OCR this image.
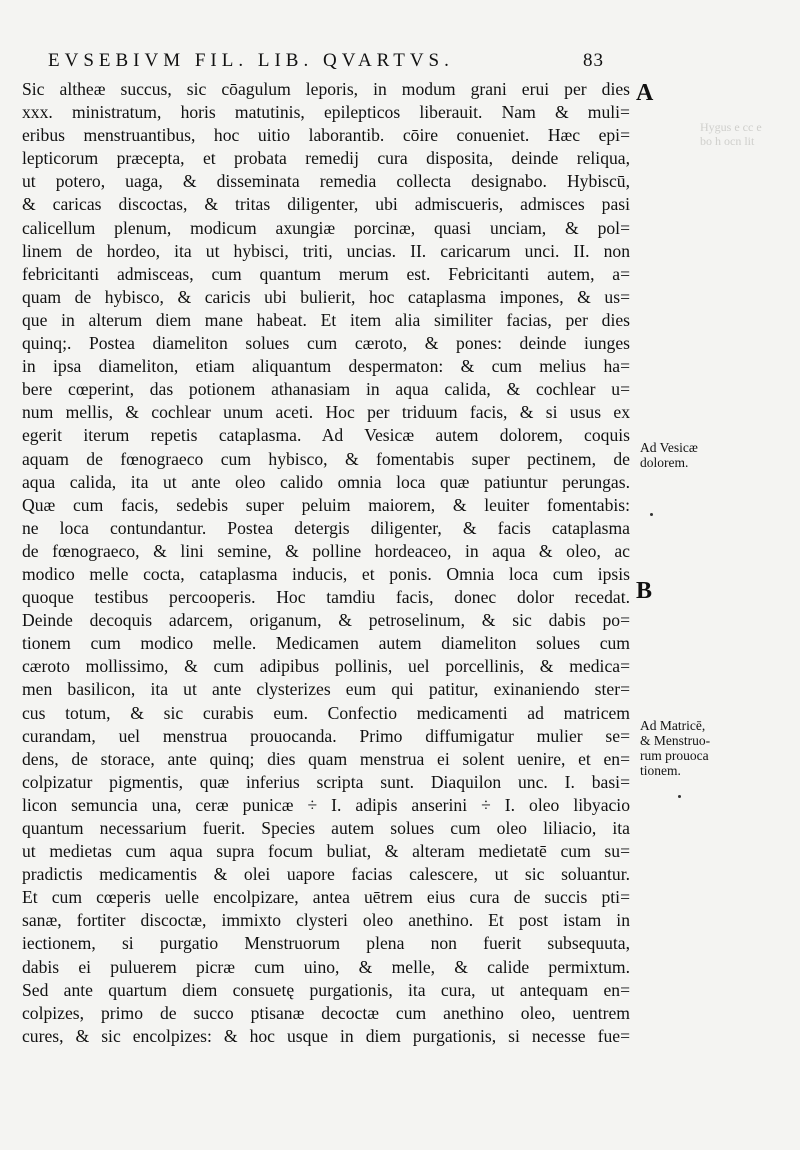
EVSEBIVM FIL. LIB. QVARTVS.	83
Sic altheæ succus, sic cōagulum leporis, in modum grani erui per dies
xxx. ministratum, horis matutinis, epilepticos liberauit. Nam & muli=
eribus menstruantibus, hoc uitio laborantib. cōire conueniet. Hæc epi=
lepticorum præcepta, et probata remedij cura disposita, deinde reliqua,
ut potero, uaga, & disseminata remedia collecta designabo. Hybiscū,
& caricas discoctas, & tritas diligenter, ubi admiscueris, admisces pasi
calicellum plenum, modicum axungiæ porcinæ, quasi unciam, & pol=
linem de hordeo, ita ut hybisci, triti, uncias. II. caricarum unci. II. non
febricitanti admisceas, cum quantum merum est. Febricitanti autem, a=
quam de hybisco, & caricis ubi bulierit, hoc cataplasma impones, & us=
que in alterum diem mane habeat. Et item alia similiter facias, per dies
quinq;. Postea diameliton solues cum cæroto, & pones: deinde iunges
in ipsa diameliton, etiam aliquantum despermaton: & cum melius ha=
bere cœperint, das potionem athanasiam in aqua calida, & cochlear u=
num mellis, & cochlear unum aceti. Hoc per triduum facis, & si usus ex
egerit iterum repetis cataplasma. Ad Vesicæ autem dolorem, coquis
aquam de fœnograeco cum hybisco, & fomentabis super pectinem, de
aqua calida, ita ut ante oleo calido omnia loca quæ patiuntur perungas.
Quæ cum facis, sedebis super peluim maiorem, & leuiter fomentabis:
ne loca contundantur. Postea detergis diligenter, & facis cataplasma
de fœnograeco, & lini semine, & polline hordeaceo, in aqua & oleo, ac
modico melle cocta, cataplasma inducis, et ponis. Omnia loca cum ipsis
quoque testibus percooperis. Hoc tamdiu facis, donec dolor recedat.
Deinde decoquis adarcem, origanum, & petroselinum, & sic dabis po=
tionem cum modico melle. Medicamen autem diameliton solues cum
cæroto mollissimo, & cum adipibus pollinis, uel porcellinis, & medica=
men basilicon, ita ut ante clysterizes eum qui patitur, exinaniendo ster=
cus totum, & sic curabis eum. Confectio medicamenti ad matricem
curandam, uel menstrua prouocanda. Primo diffumigatur mulier se=
dens, de storace, ante quinq; dies quam menstrua ei solent uenire, et en=
colpizatur pigmentis, quæ inferius scripta sunt. Diaquilon unc. I. basi=
licon semuncia una, ceræ punicæ ÷ I. adipis anserini ÷ I. oleo libyacio
quantum necessarium fuerit. Species autem solues cum oleo liliacio, ita
ut medietas cum aqua supra focum buliat, & alteram medietatē cum su=
pradictis medicamentis & olei uapore facias calescere, ut sic soluantur.
Et cum cœperis uelle encolpizare, antea uētrem eius cura de succis pti=
sanæ, fortiter discoctæ, immixto clysteri oleo anethino. Et post istam in
iectionem, si purgatio Menstruorum plena non fuerit subsequuta,
dabis ei puluerem picræ cum uino, & melle, & calide permixtum.
Sed ante quartum diem consuetę purgationis, ita cura, ut antequam en=
colpizes, primo de succo ptisanæ decoctæ cum anethino oleo, uentrem
cures, & sic encolpizes: & hoc usque in diem purgationis, si necesse fue=
A
B
Ad Vesicæ
dolorem.
Ad Matricē,
& Menstruo-
rum prouoca
tionem.
Hygus e cc e
bo h ocn lit
